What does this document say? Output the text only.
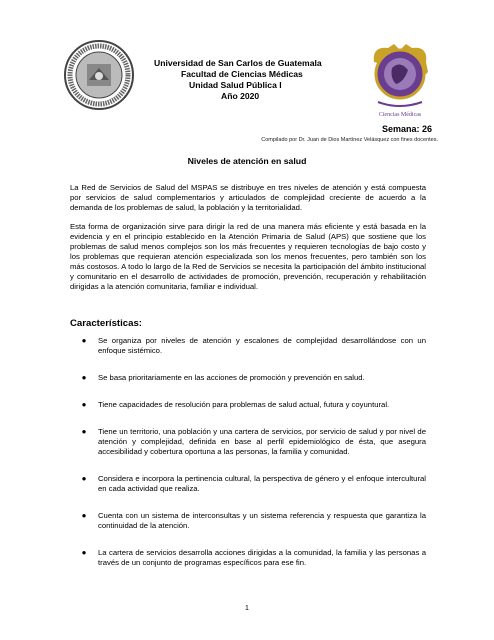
Ciencias Médicas
Universidad de San Carlos de Guatemala
Facultad de Ciencias Médicas
Unidad Salud Pública I
Año 2020
Semana: 26
Compilado por Dr. Juan de Dios Martínez Velásquez con fines docentes.
Niveles de atención en salud
La Red de Servicios de Salud del MSPAS se distribuye en tres niveles de atención y está compuesta por servicios de salud complementarios y articulados de complejidad creciente de acuerdo a la demanda de los problemas de salud, la población y la territorialidad.
Esta forma de organización sirve para dirigir la red de una manera más eficiente y está basada en la evidencia y en el principio establecido en la Atención Primaria de Salud (APS) que sostiene que los problemas de salud menos complejos son los más frecuentes y requieren tecnologías de bajo costo y los problemas que requieran atención especializada son los menos frecuentes, pero también son los más costosos. A todo lo largo de la Red de Servicios se necesita la participación del ámbito institucional y comunitario en el desarrollo de actividades de promoción, prevención, recuperación y rehabilitación dirigidas a la atención comunitaria, familiar e individual.
Características:
●	Se organiza por niveles de atención y escalones de complejidad desarrollándose con un enfoque sistémico.
●	Se basa prioritariamente en las acciones de promoción y prevención en salud.
●	Tiene capacidades de resolución para problemas de salud actual, futura y coyuntural.
●	Tiene un territorio, una población y una cartera de servicios, por servicio de salud y por nivel de atención y complejidad, definida en base al perfil epidemiológico de ésta, que asegura accesibilidad y cobertura oportuna a las personas, la familia y comunidad.
●	Considera e incorpora la pertinencia cultural, la perspectiva de género y el enfoque intercultural en cada actividad que realiza.
●	Cuenta con un sistema de interconsultas y un sistema referencia y respuesta que garantiza la continuidad de la atención.
●	La cartera de servicios desarrolla acciones dirigidas a la comunidad, la familia y las personas a través de un conjunto de programas específicos para ese fin.
1
